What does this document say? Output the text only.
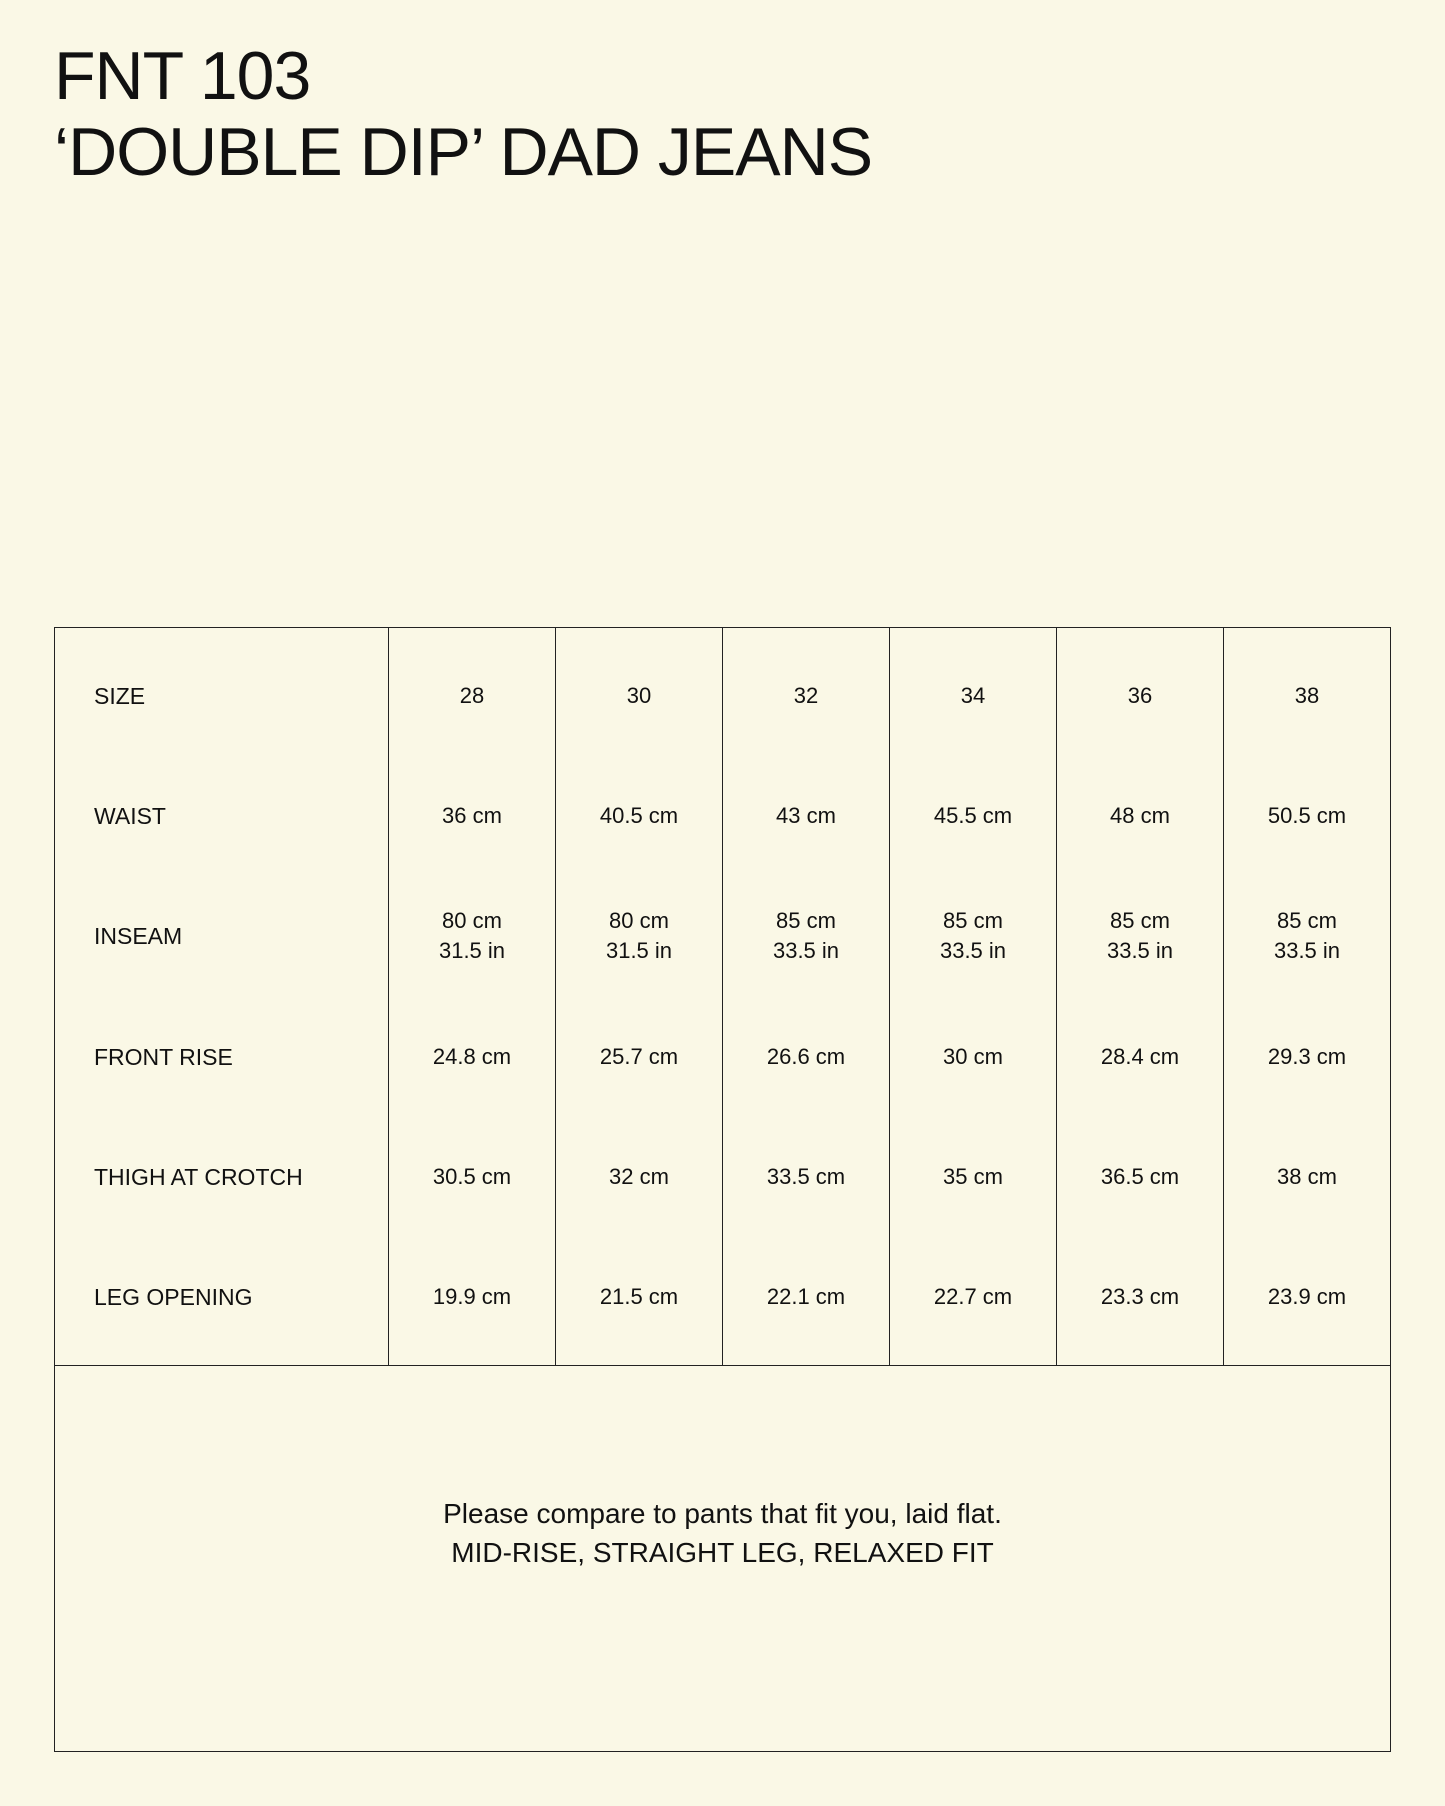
FNT 103
‘DOUBLE DIP’ DAD JEANS
SIZE
WAIST
INSEAM
FRONT RISE
THIGH AT CROTCH
LEG OPENING
28
36 cm
80 cm
31.5 in
24.8 cm
30.5 cm
19.9 cm
30
40.5 cm
80 cm
31.5 in
25.7 cm
32 cm
21.5 cm
32
43 cm
85 cm
33.5 in
26.6 cm
33.5 cm
22.1 cm
34
45.5 cm
85 cm
33.5 in
30 cm
35 cm
22.7 cm
36
48 cm
85 cm
33.5 in
28.4 cm
36.5 cm
23.3 cm
38
50.5 cm
85 cm
33.5 in
29.3 cm
38 cm
23.9 cm
Please compare to pants that fit you, laid flat.
MID-RISE, STRAIGHT LEG, RELAXED FIT
